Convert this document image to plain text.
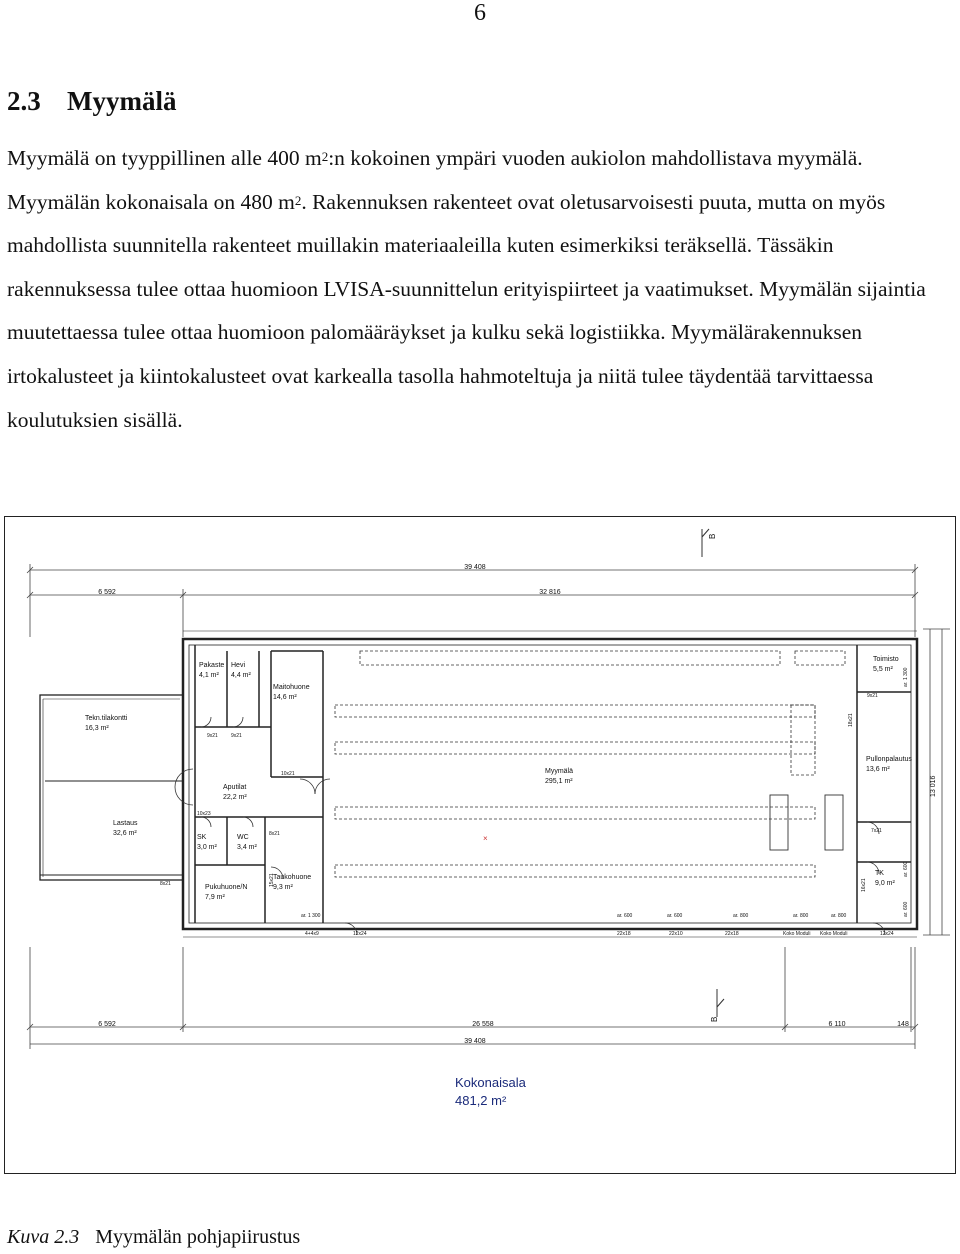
6
2.3 Myymälä

Myymälä on tyyppillinen alle 400 $m^2:n$ kokoinen ympäri vuoden aukiolon mahdollistava myymälä. Myymälän kokonaisala on 480 $m^2$. Rakennuksen rakenteet ovat oletusarvoisesti puuta, mutta on myös mahdollista suunnitella rakenteet muillakin materiaaleilla kuten esimerkiksi teräksellä. Tässäkin rakennuksessa tulee ottaa huomioon LVISA-suunnittelun erityispiirteet ja vaatimukset. Myymälän sijaintia muutettaessa tulee ottaa huomioon palomääräykset ja kulku sekä logistiikka. Myymälärakennuksen irtokalusteet ja kiintokalusteet ovat karkealla tasolla hahmoteltuja ja niitä tulee täydentää tarvittaessa koulutuksien sisällä.

39 408
6 592	32 816
B
B
13 016
Tekn.tilakontti
16,3 m²
Lastaus
32,6 m²
8x21
Pakaste
4,1 m²
Hevi
4,4 m²
Maitohuone
14,6 m²
9x21	9x21
10x21
Aputilat
22,2 m²
10x23
SK
3,0 m²
WC
3,4 m²
8x21
Pukuhuone/N
7,9 m²
Taukohuone
9,3 m²
Myymälä
295,1 m²
×
Toimisto
5,5 m²
9x21
Pullonpalautus
13,6 m²
7x21
TK
9,0 m²
18x21
16x21
15x21
ar. 1 300	ar. 600	ar. 600	ar. 800	ar. 800	ar. 800
ar. 1 300
ar. 600
ar. 600
4+4x9	12x24	22x18	22x10	22x18	Koko Moduli Koko Moduli	12x24
6 592	26 558	6 110	148
39 408
Kokonaisala
481,2 m²
Kuva 2.3 Myymälän pohjapiirustus
